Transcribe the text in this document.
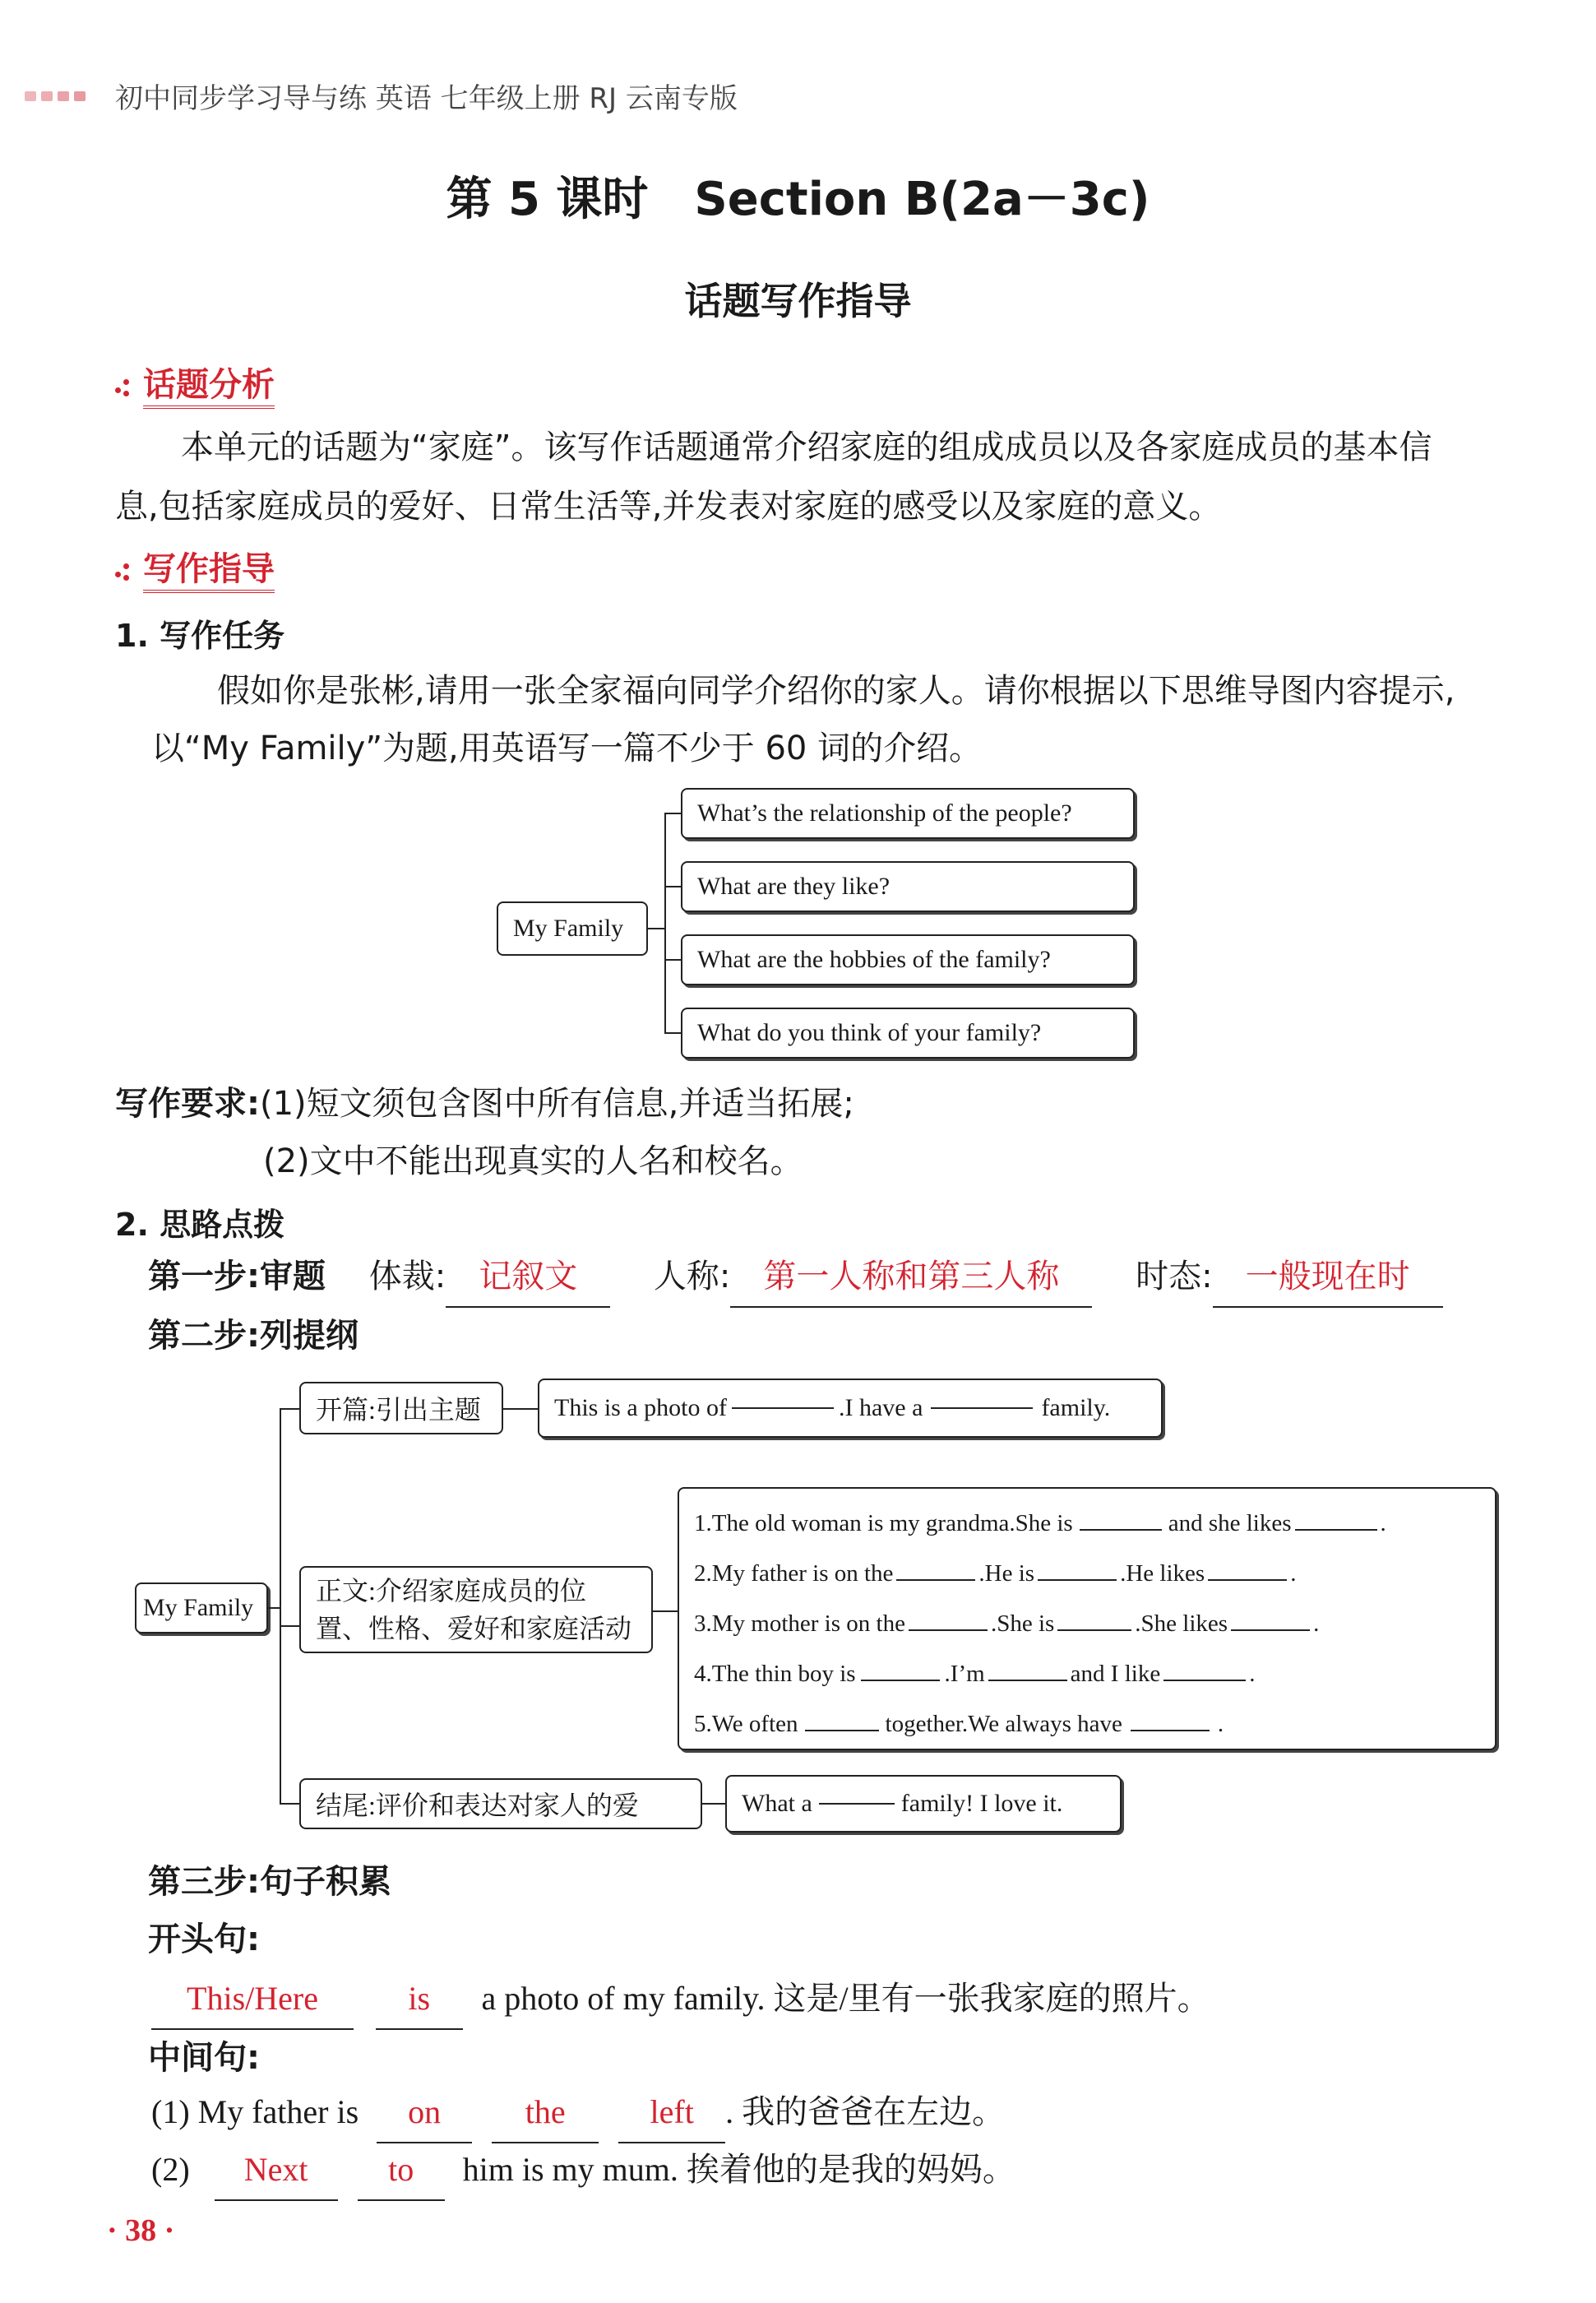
初中同步学习导与练 英语 七年级上册 RJ 云南专版
第 5 课时　Section B(2a－3c)
话题写作指导
话题分析
本单元的话题为“家庭”。该写作话题通常介绍家庭的组成成员以及各家庭成员的基本信
息,包括家庭成员的爱好、日常生活等,并发表对家庭的感受以及家庭的意义。
写作指导
1. 写作任务
假如你是张彬,请用一张全家福向同学介绍你的家人。请你根据以下思维导图内容提示,
以“My Family”为题,用英语写一篇不少于 60 词的介绍。
My Family
What’s the relationship of the people?
What are they like?
What are the hobbies of the family?
What do you think of your family?
写作要求:(1)短文须包含图中所有信息,并适当拓展;
(2)文中不能出现真实的人名和校名。
2. 思路点拨
第一步:审题 体裁: 记叙文 人称: 第一人称和第三人称 时态: 一般现在时
第二步:列提纲
My Family
开篇:引出主题	This is a photo of	.I have a	family.
正文:介绍家庭成员的位
置、性格、爱好和家庭活动
1.The old woman is my grandma.She is	and she likes	.
2.My father is on the	.He is	.He likes	.
3.My mother is on the	.She is	.She likes	.
4.The thin boy is	.I’m	and I like	.
5.We often	together.We always have	.
结尾:评价和表达对家人的爱	What a	family! I love it.
第三步:句子积累
开头句:
This/Here	is a photo of my family. 这是/里有一张我家庭的照片。
中间句:
(1) My father is on	the	left . 我的爸爸在左边。
(2) Next to him is my mum. 挨着他的是我的妈妈。
· 38 ·
